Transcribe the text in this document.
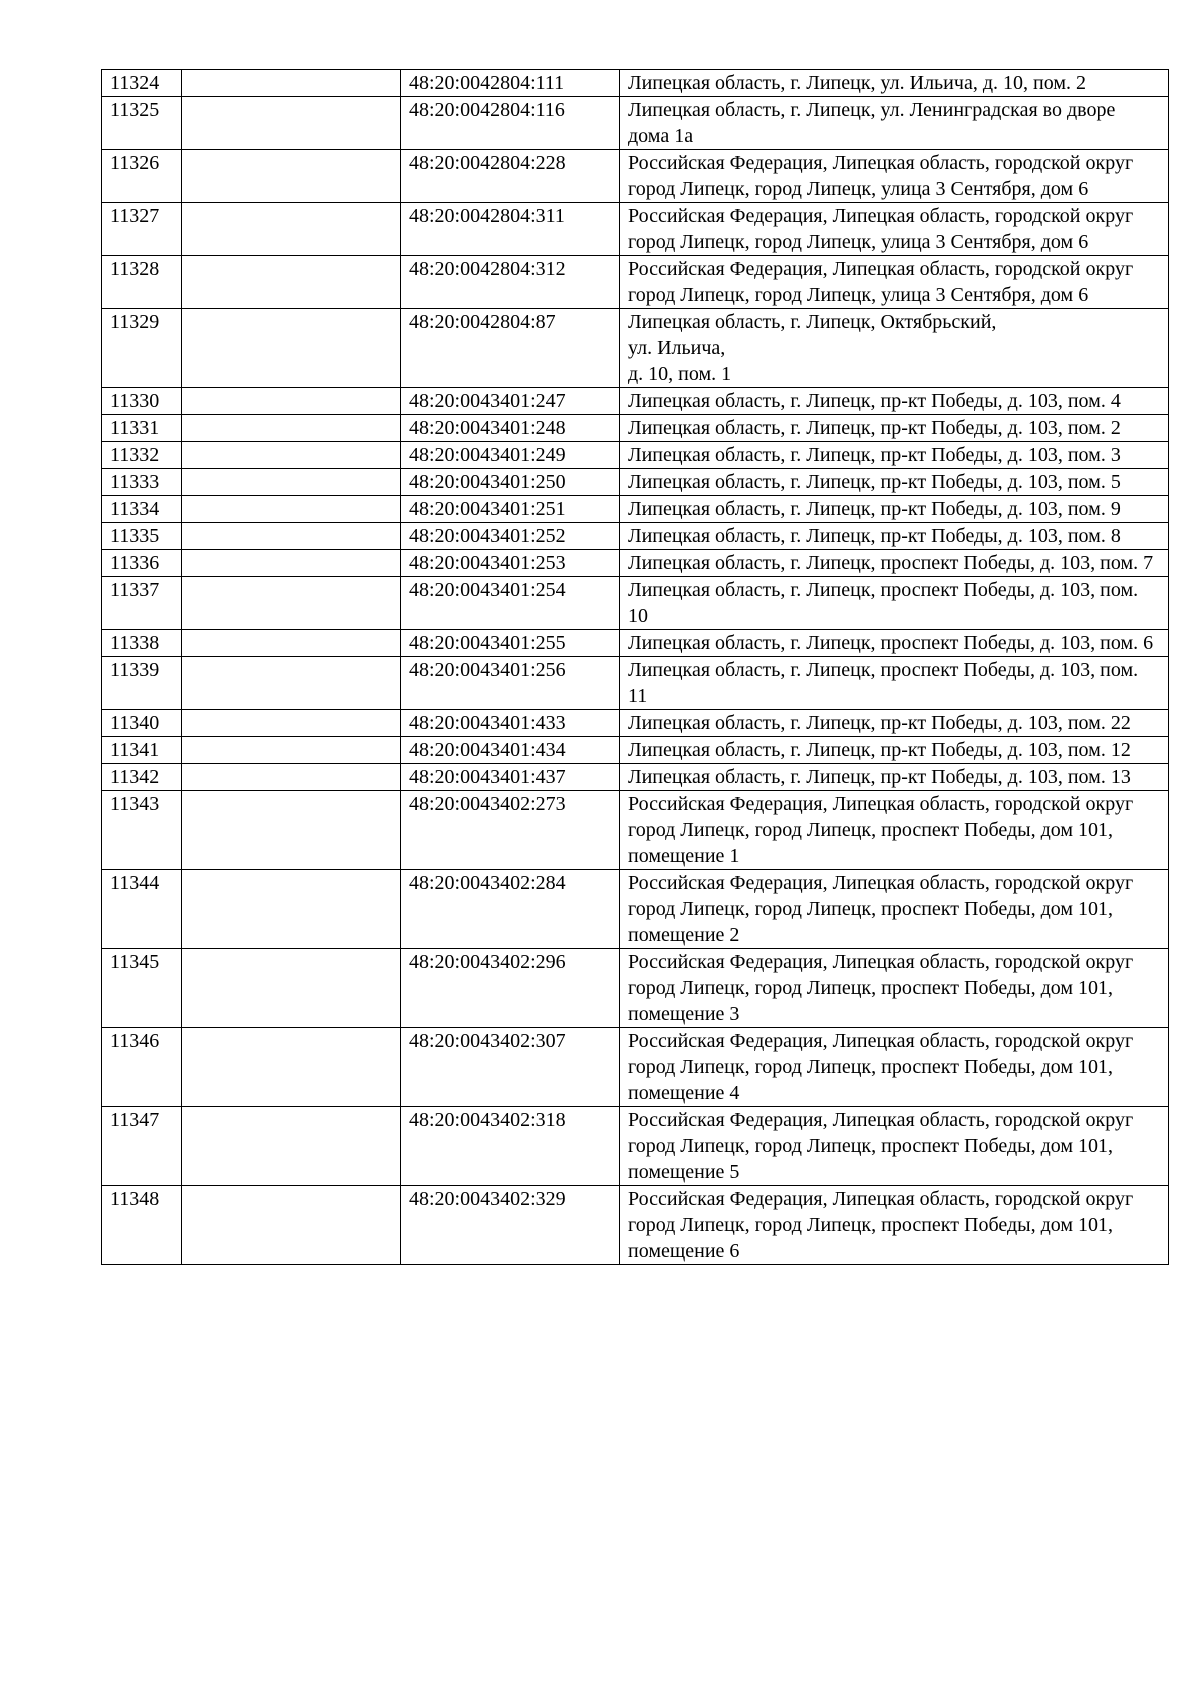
11324		48:20:0042804:111	Липецкая область, г. Липецк, ул. Ильича, д. 10, пом. 2
11325		48:20:0042804:116	Липецкая область, г. Липецк, ул. Ленинградская во дворе дома 1а
11326		48:20:0042804:228	Российская Федерация, Липецкая область, городской округ город Липецк, город Липецк, улица 3 Сентября, дом 6
11327		48:20:0042804:311	Российская Федерация, Липецкая область, городской округ город Липецк, город Липецк, улица 3 Сентября, дом 6
11328		48:20:0042804:312	Российская Федерация, Липецкая область, городской округ город Липецк, город Липецк, улица 3 Сентября, дом 6
11329		48:20:0042804:87	Липецкая область, г. Липецк, Октябрьский,
ул. Ильича,
д. 10, пом. 1
11330		48:20:0043401:247	Липецкая область, г. Липецк, пр-кт Победы, д. 103, пом. 4
11331		48:20:0043401:248	Липецкая область, г. Липецк, пр-кт Победы, д. 103, пом. 2
11332		48:20:0043401:249	Липецкая область, г. Липецк, пр-кт Победы, д. 103, пом. 3
11333		48:20:0043401:250	Липецкая область, г. Липецк, пр-кт Победы, д. 103, пом. 5
11334		48:20:0043401:251	Липецкая область, г. Липецк, пр-кт Победы, д. 103, пом. 9
11335		48:20:0043401:252	Липецкая область, г. Липецк, пр-кт Победы, д. 103, пом. 8
11336		48:20:0043401:253	Липецкая область, г. Липецк, проспект Победы, д. 103, пом. 7
11337		48:20:0043401:254	Липецкая область, г. Липецк, проспект Победы, д. 103, пом. 10
11338		48:20:0043401:255	Липецкая область, г. Липецк, проспект Победы, д. 103, пом. 6
11339		48:20:0043401:256	Липецкая область, г. Липецк, проспект Победы, д. 103, пом. 11
11340		48:20:0043401:433	Липецкая область, г. Липецк, пр-кт Победы, д. 103, пом. 22
11341		48:20:0043401:434	Липецкая область, г. Липецк, пр-кт Победы, д. 103, пом. 12
11342		48:20:0043401:437	Липецкая область, г. Липецк, пр-кт Победы, д. 103, пом. 13
11343		48:20:0043402:273	Российская Федерация, Липецкая область, городской округ город Липецк, город Липецк, проспект Победы, дом 101, помещение 1
11344		48:20:0043402:284	Российская Федерация, Липецкая область, городской округ город Липецк, город Липецк, проспект Победы, дом 101, помещение 2
11345		48:20:0043402:296	Российская Федерация, Липецкая область, городской округ город Липецк, город Липецк, проспект Победы, дом 101, помещение 3
11346		48:20:0043402:307	Российская Федерация, Липецкая область, городской округ город Липецк, город Липецк, проспект Победы, дом 101, помещение 4
11347		48:20:0043402:318	Российская Федерация, Липецкая область, городской округ город Липецк, город Липецк, проспект Победы, дом 101, помещение 5
11348		48:20:0043402:329	Российская Федерация, Липецкая область, городской округ город Липецк, город Липецк, проспект Победы, дом 101, помещение 6
